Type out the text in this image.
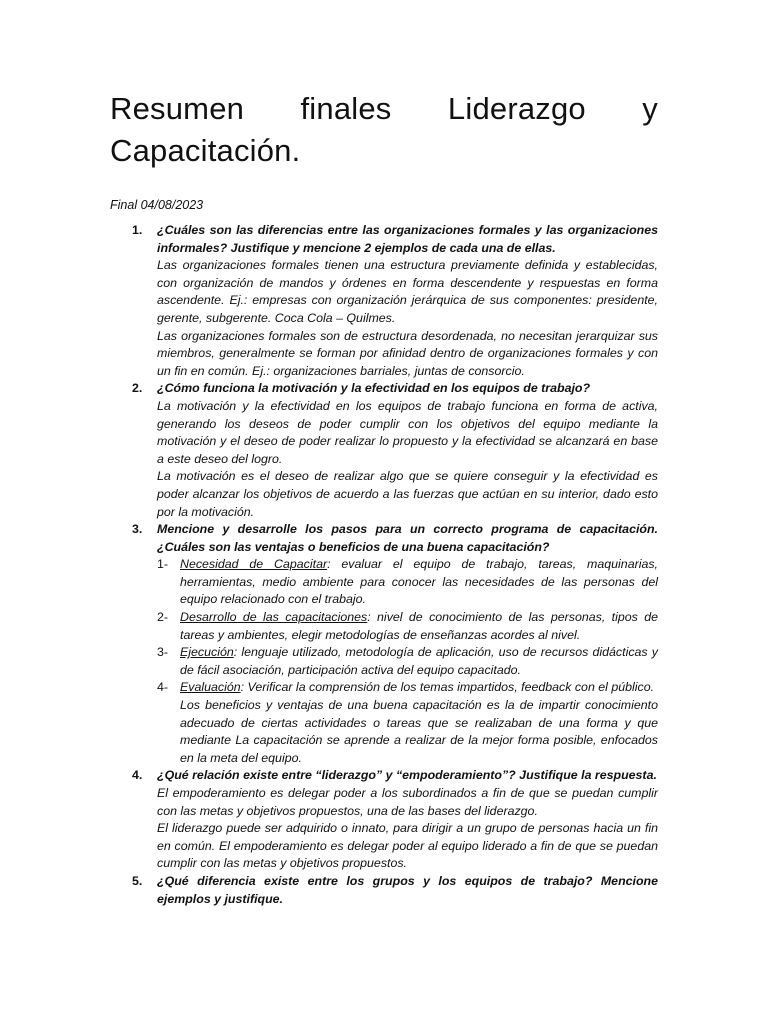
Resumen finales Liderazgo y
Capacitación.

Final 04/08/2023

1. ¿Cuáles son las diferencias entre las organizaciones formales y las organizaciones informales? Justifique y mencione 2 ejemplos de cada una de ellas.

Las organizaciones formales tienen una estructura previamente definida y establecidas, con organización de mandos y órdenes en forma descendente y respuestas en forma ascendente. Ej.: empresas con organización jerárquica de sus componentes: presidente, gerente, subgerente. Coca Cola – Quilmes.

Las organizaciones formales son de estructura desordenada, no necesitan jerarquizar sus miembros, generalmente se forman por afinidad dentro de organizaciones formales y con un fin en común. Ej.: organizaciones barriales, juntas de consorcio.

2. ¿Cómo funciona la motivación y la efectividad en los equipos de trabajo?

La motivación y la efectividad en los equipos de trabajo funciona en forma de activa, generando los deseos de poder cumplir con los objetivos del equipo mediante la motivación y el deseo de poder realizar lo propuesto y la efectividad se alcanzará en base a este deseo del logro.

La motivación es el deseo de realizar algo que se quiere conseguir y la efectividad es poder alcanzar los objetivos de acuerdo a las fuerzas que actúan en su interior, dado esto por la motivación.

3. Mencione y desarrolle los pasos para un correcto programa de capacitación. ¿Cuáles son las ventajas o beneficios de una buena capacitación?
1- Necesidad de Capacitar: evaluar el equipo de trabajo, tareas, maquinarias, herramientas, medio ambiente para conocer las necesidades de las personas del equipo relacionado con el trabajo.
2- Desarrollo de las capacitaciones: nivel de conocimiento de las personas, tipos de tareas y ambientes, elegir metodologías de enseñanzas acordes al nivel.
3- Ejecución: lenguaje utilizado, metodología de aplicación, uso de recursos didácticas y de fácil asociación, participación activa del equipo capacitado.
4- Evaluación: Verificar la comprensión de los temas impartidos, feedback con el público.
Los beneficios y ventajas de una buena capacitación es la de impartir conocimiento adecuado de ciertas actividades o tareas que se realizaban de una forma y que mediante La capacitación se aprende a realizar de la mejor forma posible, enfocados en la meta del equipo.
4. ¿Qué relación existe entre “liderazgo” y “empoderamiento”? Justifique la respuesta.

El empoderamiento es delegar poder a los subordinados a fin de que se puedan cumplir con las metas y objetivos propuestos, una de las bases del liderazgo.

El liderazgo puede ser adquirido o innato, para dirigir a un grupo de personas hacia un fin en común. El empoderamiento es delegar poder al equipo liderado a fin de que se puedan cumplir con las metas y objetivos propuestos.

5. ¿Qué diferencia existe entre los grupos y los equipos de trabajo? Mencione ejemplos y justifique.
